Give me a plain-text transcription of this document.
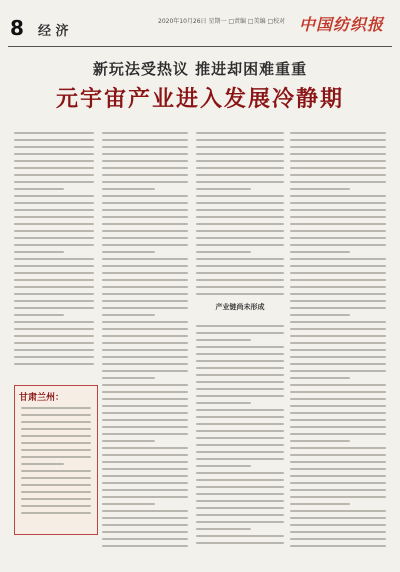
8 经 济
2020年10月26日 星期一 □责编 □美编 □校对 中国纺织报
新玩法受热议 推进却困难重重
元宇宙产业进入发展冷静期
产业链尚未形成
甘肃兰州：
